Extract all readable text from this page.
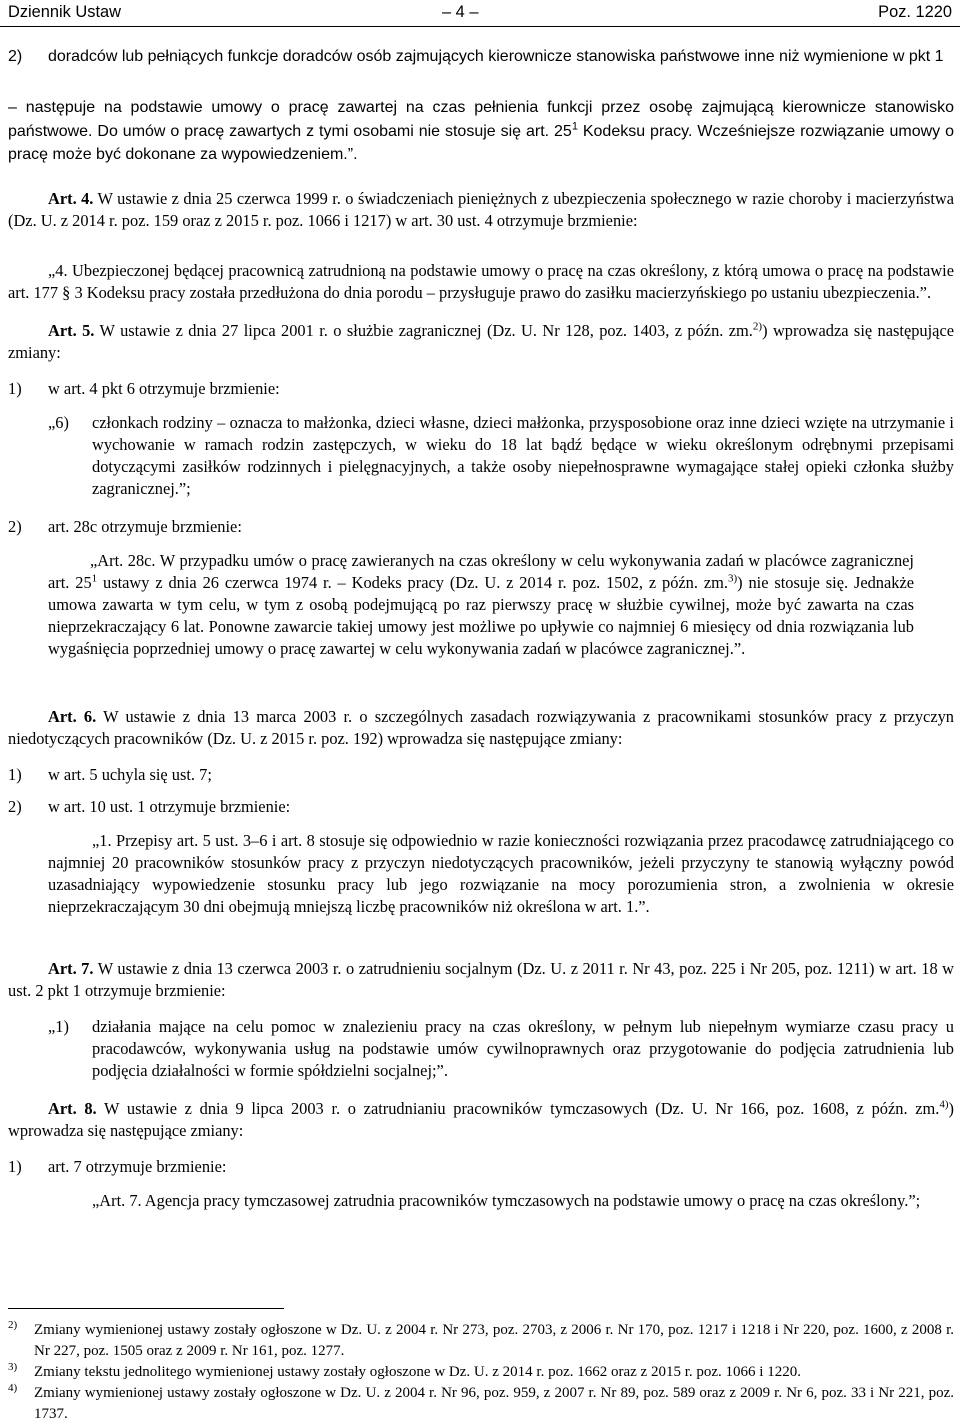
Dziennik Ustaw	– 4 –	Poz. 1220
2) doradców lub pełniących funkcje doradców osób zajmujących kierownicze stanowiska państwowe inne niż wymienione w pkt 1
– następuje na podstawie umowy o pracę zawartej na czas pełnienia funkcji przez osobę zajmującą kierownicze stanowisko państwowe. Do umów o pracę zawartych z tymi osobami nie stosuje się art. $25^1$ Kodeksu pracy. Wcześniejsze rozwiązanie umowy o pracę może być dokonane za wypowiedzeniem.”.
Art. 4. W ustawie z dnia 25 czerwca 1999 r. o świadczeniach pieniężnych z ubezpieczenia społecznego w razie choroby i macierzyństwa (Dz. U. z 2014 r. poz. 159 oraz z 2015 r. poz. 1066 i 1217) w art. 30 ust. 4 otrzymuje brzmienie:
„4. Ubezpieczonej będącej pracownicą zatrudnioną na podstawie umowy o pracę na czas określony, z którą umowa o pracę na podstawie art. 177 § 3 Kodeksu pracy została przedłużona do dnia porodu – przysługuje prawo do zasiłku macierzyńskiego po ustaniu ubezpieczenia.”.
Art. 5. W ustawie z dnia 27 lipca 2001 r. o służbie zagranicznej (Dz. U. Nr 128, poz. 1403, z późn. zm.$^{2)}$) wprowadza się następujące zmiany:
1) w art. 4 pkt 6 otrzymuje brzmienie:
„6) członkach rodziny – oznacza to małżonka, dzieci własne, dzieci małżonka, przysposobione oraz inne dzieci wzięte na utrzymanie i wychowanie w ramach rodzin zastępczych, w wieku do 18 lat bądź będące w wieku określonym odrębnymi przepisami dotyczącymi zasiłków rodzinnych i pielęgnacyjnych, a także osoby niepełnosprawne wymagające stałej opieki członka służby zagranicznej.”;
2) art. 28c otrzymuje brzmienie:
„Art. 28c. W przypadku umów o pracę zawieranych na czas określony w celu wykonywania zadań w placówce zagranicznej art. $25^1$ ustawy z dnia 26 czerwca 1974 r. – Kodeks pracy (Dz. U. z 2014 r. poz. 1502, z późn. zm.$^{3)}$) nie stosuje się. Jednakże umowa zawarta w tym celu, w tym z osobą podejmującą po raz pierwszy pracę w służbie cywilnej, może być zawarta na czas nieprzekraczający 6 lat. Ponowne zawarcie takiej umowy jest możliwe po upływie co najmniej 6 miesięcy od dnia rozwiązania lub wygaśnięcia poprzedniej umowy o pracę zawartej w celu wykonywania zadań w placówce zagranicznej.”.
Art. 6. W ustawie z dnia 13 marca 2003 r. o szczególnych zasadach rozwiązywania z pracownikami stosunków pracy z przyczyn niedotyczących pracowników (Dz. U. z 2015 r. poz. 192) wprowadza się następujące zmiany:
1) w art. 5 uchyla się ust. 7;
2) w art. 10 ust. 1 otrzymuje brzmienie:
„1. Przepisy art. 5 ust. 3–6 i art. 8 stosuje się odpowiednio w razie konieczności rozwiązania przez pracodawcę zatrudniającego co najmniej 20 pracowników stosunków pracy z przyczyn niedotyczących pracowników, jeżeli przyczyny te stanowią wyłączny powód uzasadniający wypowiedzenie stosunku pracy lub jego rozwiązanie na mocy porozumienia stron, a zwolnienia w okresie nieprzekraczającym 30 dni obejmują mniejszą liczbę pracowników niż określona w art. 1.”.
Art. 7. W ustawie z dnia 13 czerwca 2003 r. o zatrudnieniu socjalnym (Dz. U. z 2011 r. Nr 43, poz. 225 i Nr 205, poz. 1211) w art. 18 w ust. 2 pkt 1 otrzymuje brzmienie:
„1) działania mające na celu pomoc w znalezieniu pracy na czas określony, w pełnym lub niepełnym wymiarze czasu pracy u pracodawców, wykonywania usług na podstawie umów cywilnoprawnych oraz przygotowanie do podjęcia zatrudnienia lub podjęcia działalności w formie spółdzielni socjalnej;”.
Art. 8. W ustawie z dnia 9 lipca 2003 r. o zatrudnianiu pracowników tymczasowych (Dz. U. Nr 166, poz. 1608, z późn. zm.$^{4)}$) wprowadza się następujące zmiany:
1) art. 7 otrzymuje brzmienie:
„Art. 7. Agencja pracy tymczasowej zatrudnia pracowników tymczasowych na podstawie umowy o pracę na czas określony.”;
2) Zmiany wymienionej ustawy zostały ogłoszone w Dz. U. z 2004 r. Nr 273, poz. 2703, z 2006 r. Nr 170, poz. 1217 i 1218 i Nr 220, poz. 1600, z 2008 r. Nr 227, poz. 1505 oraz z 2009 r. Nr 161, poz. 1277.
3) Zmiany tekstu jednolitego wymienionej ustawy zostały ogłoszone w Dz. U. z 2014 r. poz. 1662 oraz z 2015 r. poz. 1066 i 1220.
4) Zmiany wymienionej ustawy zostały ogłoszone w Dz. U. z 2004 r. Nr 96, poz. 959, z 2007 r. Nr 89, poz. 589 oraz z 2009 r. Nr 6, poz. 33 i Nr 221, poz. 1737.
